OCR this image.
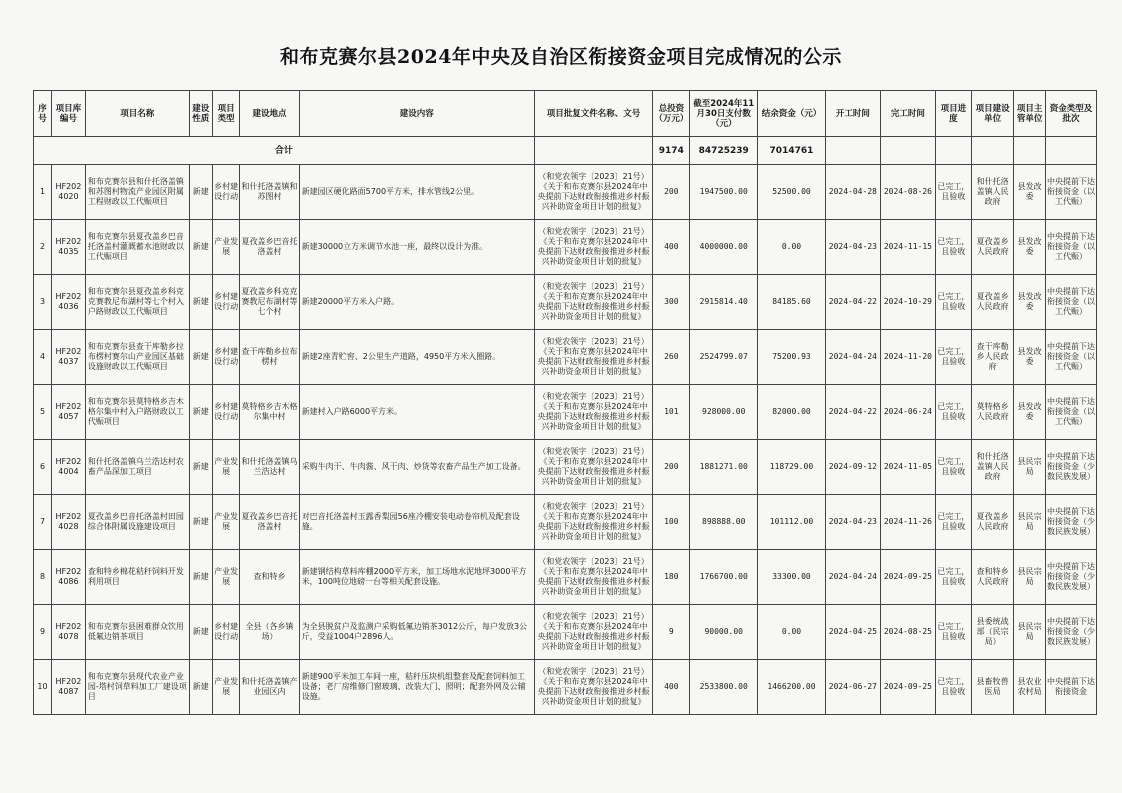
和布克赛尔县2024年中央及自治区衔接资金项目完成情况的公示
序号	项目库编号	项目名称	建设性质	项目类型	建设地点	建设内容	项目批复文件名称、文号	总投资（万元）	截至2024年11月30日支付数（元）	结余资金（元）	开工时间	完工时间	项目进度	项目建设单位	项目主管单位	资金类型及批次
合计								9174	84725239	7014761						
1	HF2024020	和布克赛尔县和什托洛盖镇和苏图村物流产业园区附属工程财政以工代赈项目	新建	乡村建设行动	和什托洛盖镇和苏图村	新建园区硬化路面5700平方米，排水管线2公里。	（和党农领字〔2023〕21号）《关于和布克赛尔县2024年中央提前下达财政衔接推进乡村振兴补助资金项目计划的批复》	200	1947500.00	52500.00	2024-04-28	2024-08-26	已完工，且验收	和什托洛盖镇人民政府	县发改委	中央提前下达衔接资金（以工代赈）
2	HF2024035	和布克赛尔县夏孜盖乡巴音托洛盖村灌溉蓄水池财政以工代赈项目	新建	产业发展	夏孜盖乡巴音托洛盖村	新建30000立方米调节水池一座，最终以设计为准。	（和党农领字〔2023〕21号）《关于和布克赛尔县2024年中央提前下达财政衔接推进乡村振兴补助资金项目计划的批复》	400	4000000.00	0.00	2024-04-23	2024-11-15	已完工，且验收	夏孜盖乡人民政府	县发改委	中央提前下达衔接资金（以工代赈）
3	HF2024036	和布克赛尔县夏孜盖乡科克克赛教尼布湖村等七个村入户路财政以工代赈项目	新建	乡村建设行动	夏孜盖乡科克克赛教尼布湖村等七个村	新建20000平方米入户路。	（和党农领字〔2023〕21号）《关于和布克赛尔县2024年中央提前下达财政衔接推进乡村振兴补助资金项目计划的批复》	300	2915814.40	84185.60	2024-04-22	2024-10-29	已完工，且验收	夏孜盖乡人民政府	县发改委	中央提前下达衔接资金（以工代赈）
4	HF2024037	和布克赛尔县查干库勒乡拉布楞村赛尔山产业园区基础设施财政以工代赈项目	新建	乡村建设行动	查干库勒乡拉布楞村	新建2座青贮窖、2公里生产道路，4950平方米入圈路。	（和党农领字〔2023〕21号）《关于和布克赛尔县2024年中央提前下达财政衔接推进乡村振兴补助资金项目计划的批复》	260	2524799.07	75200.93	2024-04-24	2024-11-20	已完工，且验收	查干库勒乡人民政府	县发改委	中央提前下达衔接资金（以工代赈）
5	HF2024057	和布克赛尔县莫特格乡吉木格尔集中村入户路财政以工代赈项目	新建	乡村建设行动	莫特格乡吉木格尔集中村	新建村入户路6000平方米。	（和党农领字〔2023〕21号）《关于和布克赛尔县2024年中央提前下达财政衔接推进乡村振兴补助资金项目计划的批复》	101	928000.00	82000.00	2024-04-22	2024-06-24	已完工，且验收	莫特格乡人民政府	县发改委	中央提前下达衔接资金（以工代赈）
6	HF2024004	和什托洛盖镇乌兰浩达村农畜产品深加工项目	新建	产业发展	和什托洛盖镇乌兰浩达村	采购牛肉干、牛肉酱、风干肉、炒货等农畜产品生产加工设备。	（和党农领字〔2023〕21号）《关于和布克赛尔县2024年中央提前下达财政衔接推进乡村振兴补助资金项目计划的批复》	200	1881271.00	118729.00	2024-09-12	2024-11-05	已完工，且验收	和什托洛盖镇人民政府	县民宗局	中央提前下达衔接资金（少数民族发展）
7	HF2024028	夏孜盖乡巴音托洛盖村田园综合体附属设施建设项目	新建	产业发展	夏孜盖乡巴音托洛盖村	对巴音托洛盖村玉露香梨园56座冷棚安装电动卷帘机及配套设施。	（和党农领字〔2023〕21号）《关于和布克赛尔县2024年中央提前下达财政衔接推进乡村振兴补助资金项目计划的批复》	100	898888.00	101112.00	2024-04-23	2024-11-26	已完工，且验收	夏孜盖乡人民政府	县民宗局	中央提前下达衔接资金（少数民族发展）
8	HF2024086	查和特乡棉花秸秆饲料开发利用项目	新建	产业发展	查和特乡	新建钢结构草料库棚2000平方米，加工场地水泥地坪3000平方米，100吨位地磅一台等相关配套设施。	（和党农领字〔2023〕21号）《关于和布克赛尔县2024年中央提前下达财政衔接推进乡村振兴补助资金项目计划的批复》	180	1766700.00	33300.00	2024-04-24	2024-09-25	已完工，且验收	查和特乡人民政府	县民宗局	中央提前下达衔接资金（少数民族发展）
9	HF2024078	和布克赛尔县困难群众饮用低氟边销茶项目	新建	乡村建设行动	全县（各乡镇场）	为全县脱贫户及监测户采购低氟边销茶3012公斤，每户发放3公斤，受益1004户2896人。	（和党农领字〔2023〕21号）《关于和布克赛尔县2024年中央提前下达财政衔接推进乡村振兴补助资金项目计划的批复》	9	90000.00	0.00	2024-04-25	2024-08-25	已完工，且验收	县委统战部（民宗局）	县民宗局	中央提前下达衔接资金（少数民族发展）
10	HF2024087	和布克赛尔县现代农业产业园-塔村饲草料加工厂建设项目	新建	产业发展	和什托洛盖镇产业园区内	新建900平米加工车间一座，秸秆压块机组整套及配套饲料加工设备；老厂房维修门窗玻璃、改装大门、照明；配套外网及公辅设施。	（和党农领字〔2023〕21号）《关于和布克赛尔县2024年中央提前下达财政衔接推进乡村振兴补助资金项目计划的批复》	400	2533800.00	1466200.00	2024-06-27	2024-09-25	已完工，且验收	县畜牧兽医局	县农业农村局	中央提前下达衔接资金
